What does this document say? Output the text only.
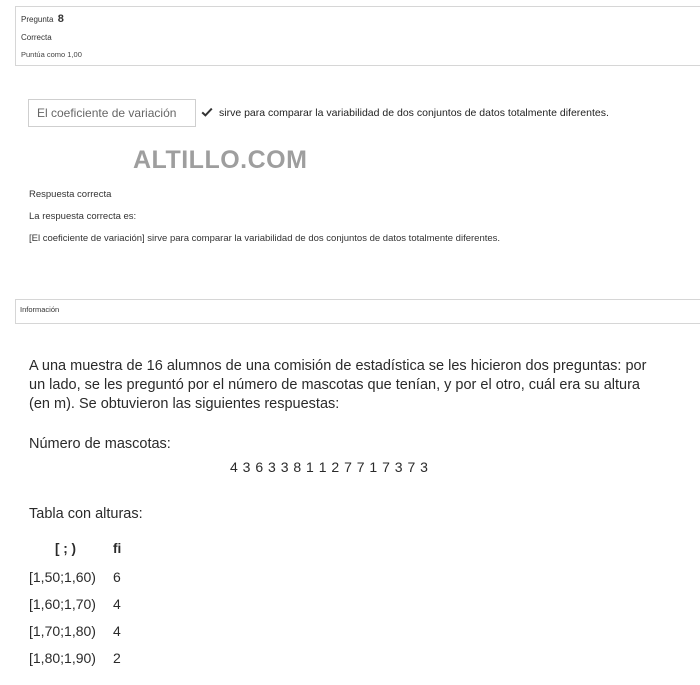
Pregunta 8
Correcta
Puntúa como 1,00
El coeficiente de variación	sirve para comparar la variabilidad de dos conjuntos de datos totalmente diferentes.
ALTILLO.COM
Respuesta correcta
La respuesta correcta es:
[El coeficiente de variación] sirve para comparar la variabilidad de dos conjuntos de datos totalmente diferentes.
Información
A una muestra de 16 alumnos de una comisión de estadística se les hicieron dos preguntas: por
un lado, se les preguntó por el número de mascotas que tenían, y por el otro, cuál era su altura
(en m). Se obtuvieron las siguientes respuestas:
Número de mascotas:
4 3 6 3 3 8 1 1 2 7 7 1 7 3 7 3
Tabla con alturas:
[ ; )	fi
[1,50;1,60) 6
[1,60;1,70) 4
[1,70;1,80) 4
[1,80;1,90) 2
